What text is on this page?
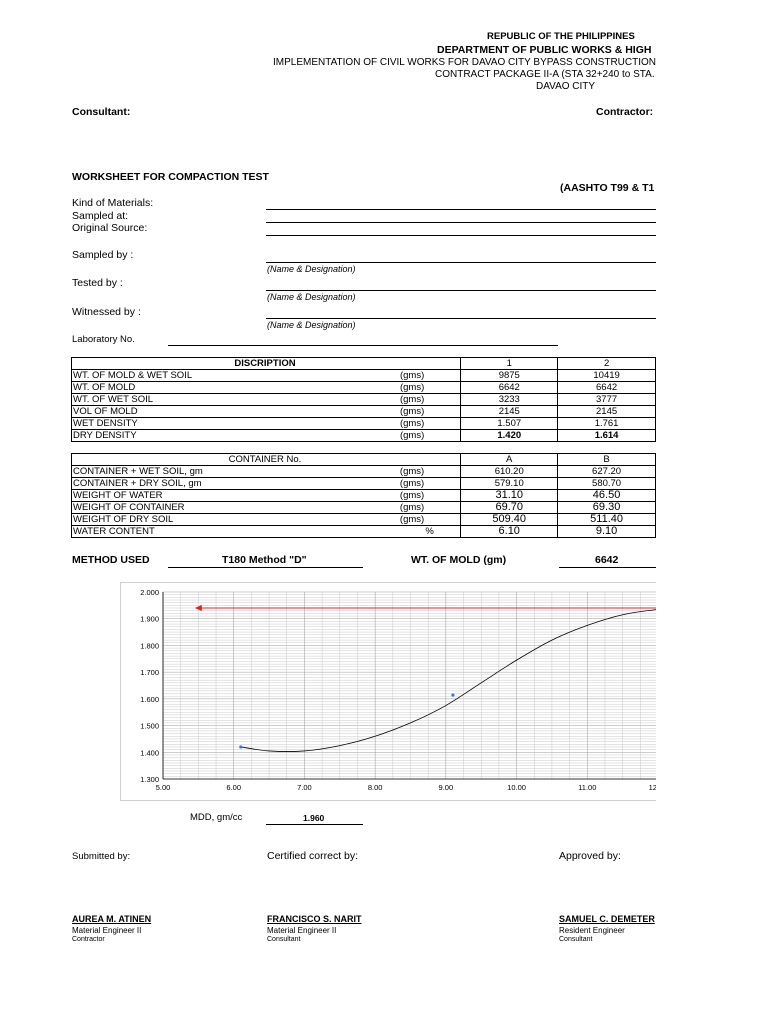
REPUBLIC OF THE PHILIPPINES
DEPARTMENT OF PUBLIC WORKS & HIGH
IMPLEMENTATION OF CIVIL WORKS FOR DAVAO CITY BYPASS CONSTRUCTION
CONTRACT PACKAGE II-A (STA 32+240 to STA.
DAVAO CITY
Consultant:	Contractor:
WORKSHEET FOR COMPACTION TEST
(AASHTO T99 & T1
Kind of Materials:
Sampled at:
Original Source:
Sampled by :
(Name & Designation)
Tested by :
(Name & Designation)
Witnessed by :
(Name & Designation)
Laboratory No.
DISCRIPTION		1	2
WT. OF MOLD & WET SOIL	(gms)	9875	10419
WT. OF MOLD	(gms)	6642	6642
WT. OF WET SOIL	(gms)	3233	3777
VOL OF MOLD	(gms)	2145	2145
WET DENSITY	(gms)	1.507	1.761
DRY DENSITY	(gms)	1.420	1.614
CONTAINER No.		A	B
CONTAINER + WET SOIL, gm	(gms)	610.20	627.20
CONTAINER + DRY SOIL, gm	(gms)	579.10	580.70
WEIGHT OF WATER	(gms)	31.10	46.50
WEIGHT OF CONTAINER	(gms)	69.70	69.30
WEIGHT OF DRY SOIL	(gms)	509.40	511.40
WATER CONTENT	%	6.10	9.10
METHOD USED	T180 Method "D"	WT. OF MOLD (gm)	6642
5.00	6.00	7.00	8.00	9.00	10.00	11.00	12.00
1.300
1.400
1.500
1.600
1.700
1.800
1.900
2.000
MDD, gm/cc	1.960
Submitted by:	Certified correct by:	Approved by:
AUREA M. ATINEN
Material Engineer II
Contractor
FRANCISCO S. NARIT
Material Engineer II
Consultant
SAMUEL C. DEMETER
Resident Engineer
Consultant
